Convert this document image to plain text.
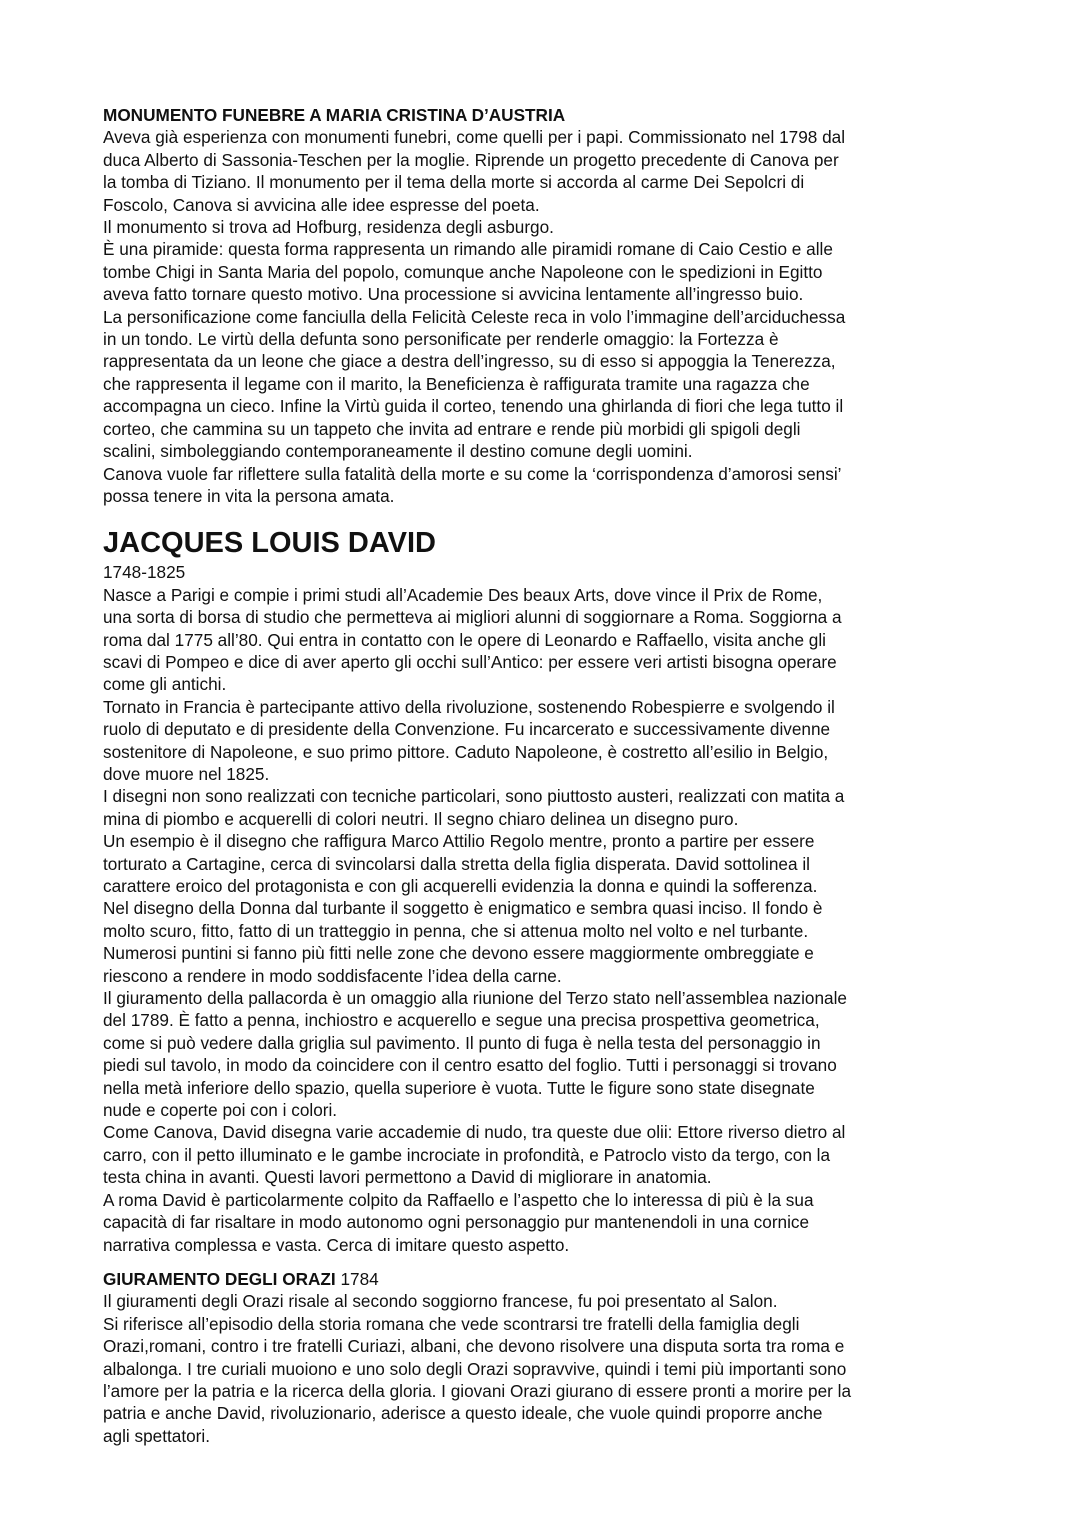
MONUMENTO FUNEBRE A MARIA CRISTINA D’AUSTRIA

Aveva già esperienza con monumenti funebri, come quelli per i papi. Commissionato nel 1798 dal

duca Alberto di Sassonia-Teschen per la moglie. Riprende un progetto precedente di Canova per

la tomba di Tiziano. Il monumento per il tema della morte si accorda al carme Dei Sepolcri di

Foscolo, Canova si avvicina alle idee espresse del poeta.

Il monumento si trova ad Hofburg, residenza degli asburgo.

È una piramide: questa forma rappresenta un rimando alle piramidi romane di Caio Cestio e alle

tombe Chigi in Santa Maria del popolo, comunque anche Napoleone con le spedizioni in Egitto

aveva fatto tornare questo motivo. Una processione si avvicina lentamente all’ingresso buio.

La personificazione come fanciulla della Felicità Celeste reca in volo l’immagine dell’arciduchessa

in un tondo. Le virtù della defunta sono personificate per renderle omaggio: la Fortezza è

rappresentata da un leone che giace a destra dell’ingresso, su di esso si appoggia la Tenerezza,

che rappresenta il legame con il marito, la Beneficienza è raffigurata tramite una ragazza che

accompagna un cieco. Infine la Virtù guida il corteo, tenendo una ghirlanda di fiori che lega tutto il

corteo, che cammina su un tappeto che invita ad entrare e rende più morbidi gli spigoli degli

scalini, simboleggiando contemporaneamente il destino comune degli uomini.

Canova vuole far riflettere sulla fatalità della morte e su come la ‘corrispondenza d’amorosi sensi’

possa tenere in vita la persona amata.

JACQUES LOUIS DAVID

1748-1825

Nasce a Parigi e compie i primi studi all’Academie Des beaux Arts, dove vince il Prix de Rome,

una sorta di borsa di studio che permetteva ai migliori alunni di soggiornare a Roma. Soggiorna a

roma dal 1775 all’80. Qui entra in contatto con le opere di Leonardo e Raffaello, visita anche gli

scavi di Pompeo e dice di aver aperto gli occhi sull’Antico: per essere veri artisti bisogna operare

come gli antichi.

Tornato in Francia è partecipante attivo della rivoluzione, sostenendo Robespierre e svolgendo il

ruolo di deputato e di presidente della Convenzione. Fu incarcerato e successivamente divenne

sostenitore di Napoleone, e suo primo pittore. Caduto Napoleone, è costretto all’esilio in Belgio,

dove muore nel 1825.

I disegni non sono realizzati con tecniche particolari, sono piuttosto austeri, realizzati con matita a

mina di piombo e acquerelli di colori neutri. Il segno chiaro delinea un disegno puro.

Un esempio è il disegno che raffigura Marco Attilio Regolo mentre, pronto a partire per essere

torturato a Cartagine, cerca di svincolarsi dalla stretta della figlia disperata. David sottolinea il

carattere eroico del protagonista e con gli acquerelli evidenzia la donna e quindi la sofferenza.

Nel disegno della Donna dal turbante il soggetto è enigmatico e sembra quasi inciso. Il fondo è

molto scuro, fitto, fatto di un tratteggio in penna, che si attenua molto nel volto e nel turbante.

Numerosi puntini si fanno più fitti nelle zone che devono essere maggiormente ombreggiate e

riescono a rendere in modo soddisfacente l’idea della carne.

Il giuramento della pallacorda è un omaggio alla riunione del Terzo stato nell’assemblea nazionale

del 1789. È fatto a penna, inchiostro e acquerello e segue una precisa prospettiva geometrica,

come si può vedere dalla griglia sul pavimento. Il punto di fuga è nella testa del personaggio in

piedi sul tavolo, in modo da coincidere con il centro esatto del foglio. Tutti i personaggi si trovano

nella metà inferiore dello spazio, quella superiore è vuota. Tutte le figure sono state disegnate

nude e coperte poi con i colori.

Come Canova, David disegna varie accademie di nudo, tra queste due olii: Ettore riverso dietro al

carro, con il petto illuminato e le gambe incrociate in profondità, e Patroclo visto da tergo, con la

testa china in avanti. Questi lavori permettono a David di migliorare in anatomia.

A roma David è particolarmente colpito da Raffaello e l’aspetto che lo interessa di più è la sua

capacità di far risaltare in modo autonomo ogni personaggio pur mantenendoli in una cornice

narrativa complessa e vasta. Cerca di imitare questo aspetto.

GIURAMENTO DEGLI ORAZI 1784

Il giuramenti degli Orazi risale al secondo soggiorno francese, fu poi presentato al Salon.

Si riferisce all’episodio della storia romana che vede scontrarsi tre fratelli della famiglia degli

Orazi,romani, contro i tre fratelli Curiazi, albani, che devono risolvere una disputa sorta tra roma e

albalonga. I tre curiali muoiono e uno solo degli Orazi sopravvive, quindi i temi più importanti sono

l’amore per la patria e la ricerca della gloria. I giovani Orazi giurano di essere pronti a morire per la

patria e anche David, rivoluzionario, aderisce a questo ideale, che vuole quindi proporre anche

agli spettatori.
